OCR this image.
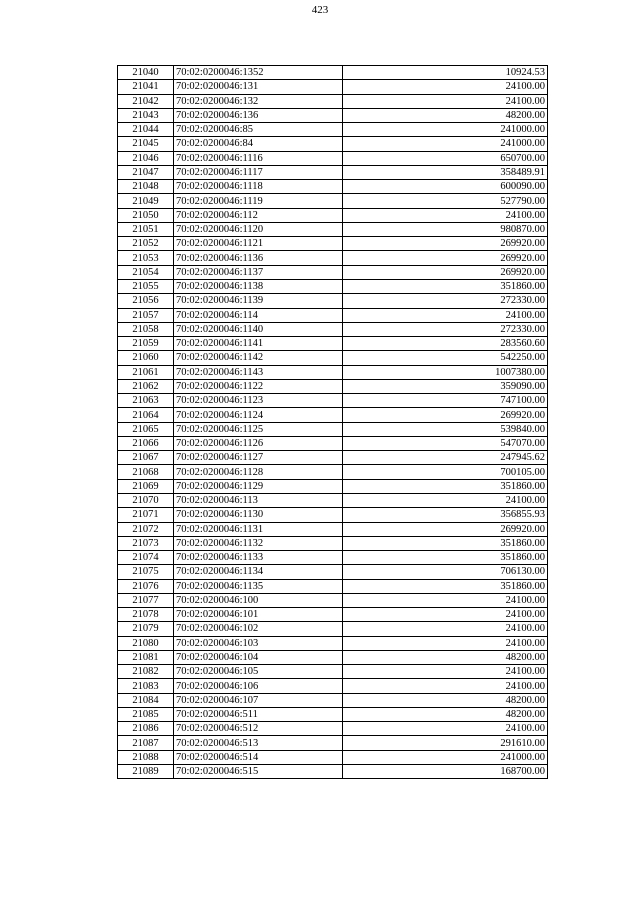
423
21040	70:02:0200046:1352	10924.53
21041	70:02:0200046:131	24100.00
21042	70:02:0200046:132	24100.00
21043	70:02:0200046:136	48200.00
21044	70:02:0200046:85	241000.00
21045	70:02:0200046:84	241000.00
21046	70:02:0200046:1116	650700.00
21047	70:02:0200046:1117	358489.91
21048	70:02:0200046:1118	600090.00
21049	70:02:0200046:1119	527790.00
21050	70:02:0200046:112	24100.00
21051	70:02:0200046:1120	980870.00
21052	70:02:0200046:1121	269920.00
21053	70:02:0200046:1136	269920.00
21054	70:02:0200046:1137	269920.00
21055	70:02:0200046:1138	351860.00
21056	70:02:0200046:1139	272330.00
21057	70:02:0200046:114	24100.00
21058	70:02:0200046:1140	272330.00
21059	70:02:0200046:1141	283560.60
21060	70:02:0200046:1142	542250.00
21061	70:02:0200046:1143	1007380.00
21062	70:02:0200046:1122	359090.00
21063	70:02:0200046:1123	747100.00
21064	70:02:0200046:1124	269920.00
21065	70:02:0200046:1125	539840.00
21066	70:02:0200046:1126	547070.00
21067	70:02:0200046:1127	247945.62
21068	70:02:0200046:1128	700105.00
21069	70:02:0200046:1129	351860.00
21070	70:02:0200046:113	24100.00
21071	70:02:0200046:1130	356855.93
21072	70:02:0200046:1131	269920.00
21073	70:02:0200046:1132	351860.00
21074	70:02:0200046:1133	351860.00
21075	70:02:0200046:1134	706130.00
21076	70:02:0200046:1135	351860.00
21077	70:02:0200046:100	24100.00
21078	70:02:0200046:101	24100.00
21079	70:02:0200046:102	24100.00
21080	70:02:0200046:103	24100.00
21081	70:02:0200046:104	48200.00
21082	70:02:0200046:105	24100.00
21083	70:02:0200046:106	24100.00
21084	70:02:0200046:107	48200.00
21085	70:02:0200046:511	48200.00
21086	70:02:0200046:512	24100.00
21087	70:02:0200046:513	291610.00
21088	70:02:0200046:514	241000.00
21089	70:02:0200046:515	168700.00
